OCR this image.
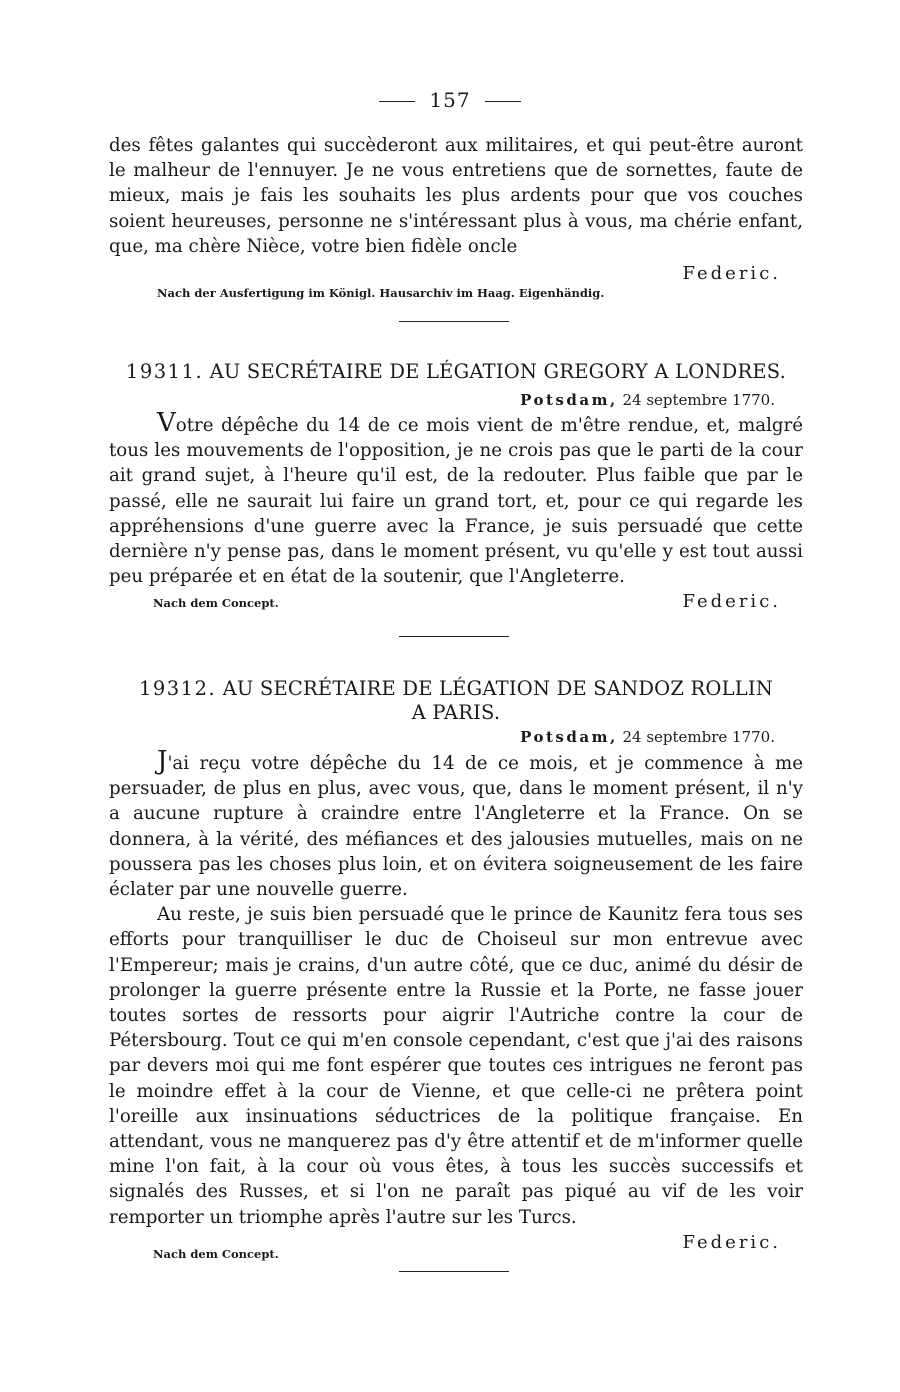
157

des fêtes galantes qui succèderont aux militaires, et qui peut-être auront le malheur de l'ennuyer. Je ne vous entretiens que de sornettes, faute de mieux, mais je fais les souhaits les plus ardents pour que vos couches soient heureuses, personne ne s'intéressant plus à vous, ma chérie enfant, que, ma chère Nièce, votre bien fidèle oncle

Federic.
Nach der Ausfertigung im Königl. Hausarchiv im Haag. Eigenhändig.
19311. AU SECRÉTAIRE DE LÉGATION GREGORY A LONDRES.
Potsdam, 24 septembre 1770.

Votre dépêche du 14 de ce mois vient de m'être rendue, et, malgré tous les mouvements de l'opposition, je ne crois pas que le parti de la cour ait grand sujet, à l'heure qu'il est, de la redouter. Plus faible que par le passé, elle ne saurait lui faire un grand tort, et, pour ce qui regarde les appréhensions d'une guerre avec la France, je suis persuadé que cette dernière n'y pense pas, dans le moment présent, vu qu'elle y est tout aussi peu préparée et en état de la soutenir, que l'Angleterre.

Nach dem Concept.	Federic.
19312. AU SECRÉTAIRE DE LÉGATION DE SANDOZ ROLLIN
A PARIS.
Potsdam, 24 septembre 1770.

J'ai reçu votre dépêche du 14 de ce mois, et je commence à me persuader, de plus en plus, avec vous, que, dans le moment présent, il n'y a aucune rupture à craindre entre l'Angleterre et la France. On se donnera, à la vérité, des méfiances et des jalousies mutuelles, mais on ne poussera pas les choses plus loin, et on évitera soigneusement de les faire éclater par une nouvelle guerre.

Au reste, je suis bien persuadé que le prince de Kaunitz fera tous ses efforts pour tranquilliser le duc de Choiseul sur mon entrevue avec l'Empereur; mais je crains, d'un autre côté, que ce duc, animé du désir de prolonger la guerre présente entre la Russie et la Porte, ne fasse jouer toutes sortes de ressorts pour aigrir l'Autriche contre la cour de Pétersbourg. Tout ce qui m'en console cependant, c'est que j'ai des raisons par devers moi qui me font espérer que toutes ces intrigues ne feront pas le moindre effet à la cour de Vienne, et que celle-ci ne prêtera point l'oreille aux insinuations séductrices de la politique française. En attendant, vous ne manquerez pas d'y être attentif et de m'informer quelle mine l'on fait, à la cour où vous êtes, à tous les succès successifs et signalés des Russes, et si l'on ne paraît pas piqué au vif de les voir remporter un triomphe après l'autre sur les Turcs.

Nach dem Concept.
Federic.
